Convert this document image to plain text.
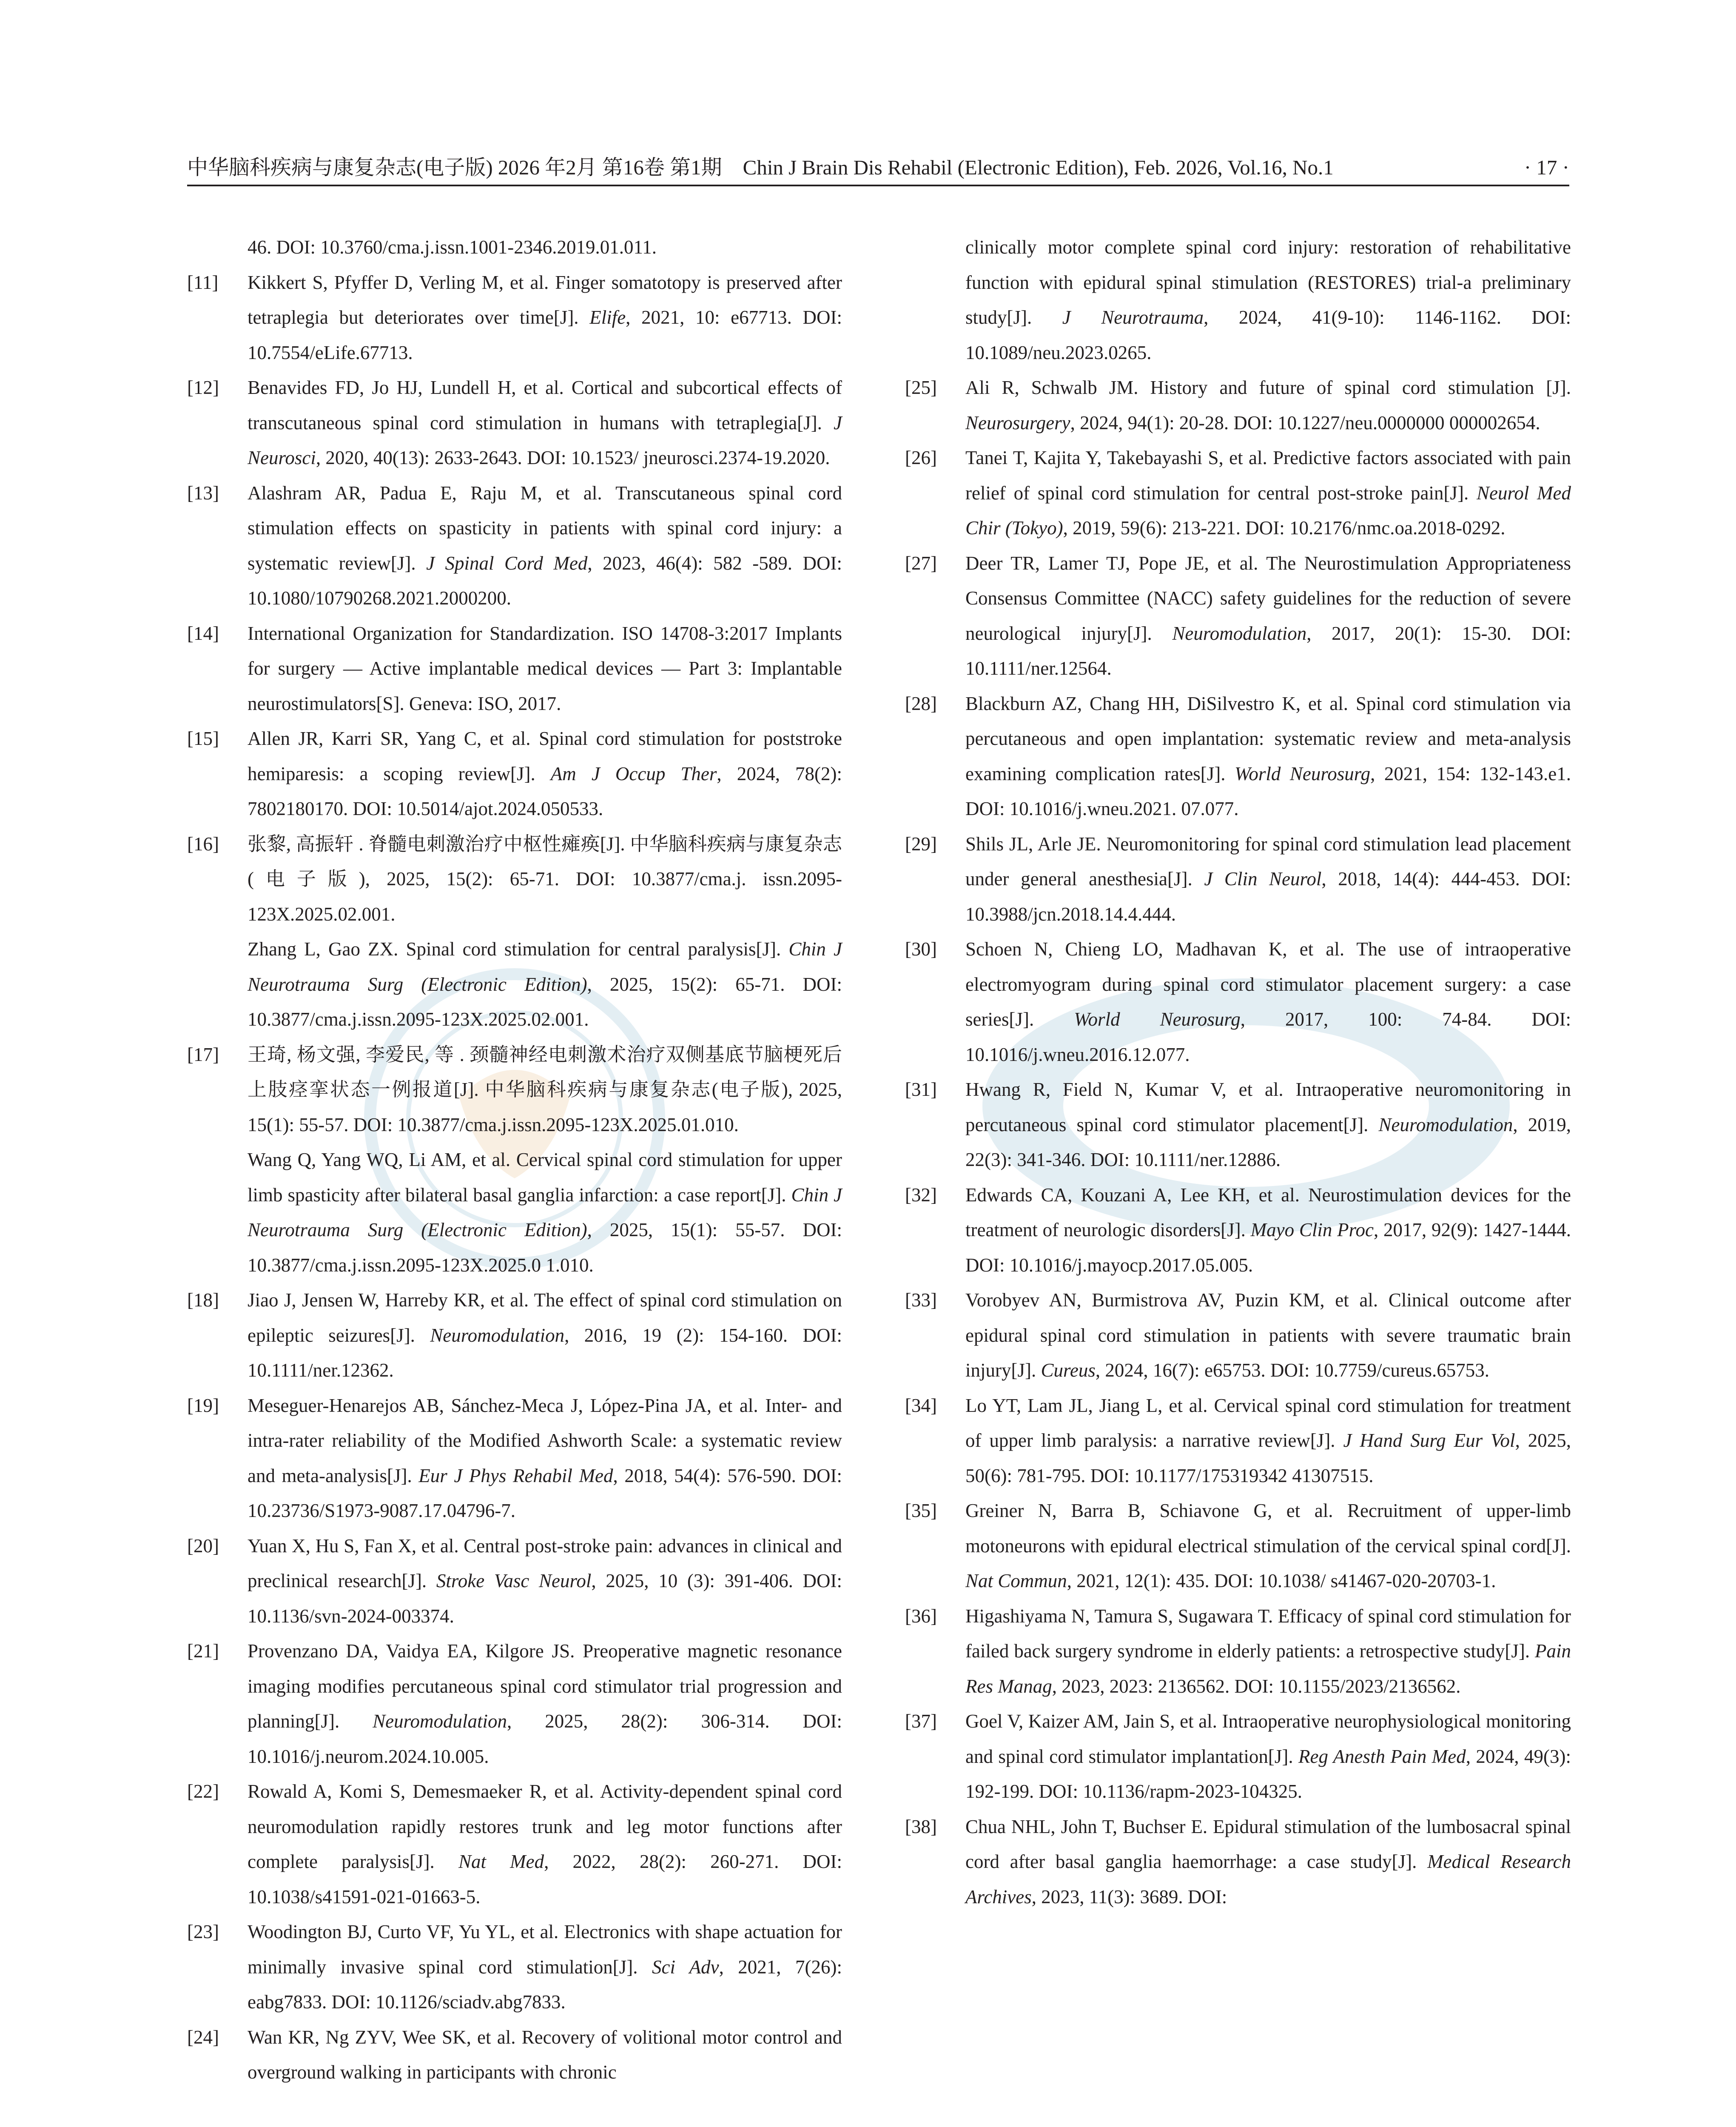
中华脑科疾病与康复杂志(电子版) 2026 年2月 第16卷 第1期　Chin J Brain Dis Rehabil (Electronic Edition), Feb. 2026, Vol.16, No.1	· 17 ·
46. DOI: 10.3760/cma.j.issn.1001-2346.2019.01.011.
[11] Kikkert S, Pfyffer D, Verling M, et al. Finger somatotopy is preserved after tetraplegia but deteriorates over time[J]. Elife, 2021, 10: e67713. DOI: 10.7554/eLife.67713.
[12] Benavides FD, Jo HJ, Lundell H, et al. Cortical and subcortical effects of transcutaneous spinal cord stimulation in humans with tetraplegia[J]. J Neurosci, 2020, 40(13): 2633-2643. DOI: 10.1523/ jneurosci.2374-19.2020.
[13] Alashram AR, Padua E, Raju M, et al. Transcutaneous spinal cord stimulation effects on spasticity in patients with spinal cord injury: a systematic review[J]. J Spinal Cord Med, 2023, 46(4): 582 -589. DOI: 10.1080/10790268.2021.2000200.
[14] International Organization for Standardization. ISO 14708-3:2017 Implants for surgery — Active implantable medical devices — Part 3: Implantable neurostimulators[S]. Geneva: ISO, 2017.
[15] Allen JR, Karri SR, Yang C, et al. Spinal cord stimulation for poststroke hemiparesis: a scoping review[J]. Am J Occup Ther, 2024, 78(2): 7802180170. DOI: 10.5014/ajot.2024.050533.
[16] 张黎, 高振轩 . 脊髓电刺激治疗中枢性瘫痪[J]. 中华脑科疾病与康复杂志(电子版), 2025, 15(2): 65-71. DOI: 10.3877/cma.j. issn.2095-123X.2025.02.001.
Zhang L, Gao ZX. Spinal cord stimulation for central paralysis[J]. Chin J Neurotrauma Surg (Electronic Edition), 2025, 15(2): 65-71. DOI: 10.3877/cma.j.issn.2095-123X.2025.02.001.
[17] 王琦, 杨文强, 李爱民, 等 . 颈髓神经电刺激术治疗双侧基底节脑梗死后上肢痉挛状态一例报道[J]. 中华脑科疾病与康复杂志(电子版), 2025, 15(1): 55-57. DOI: 10.3877/cma.j.issn.2095-123X.2025.01.010.
Wang Q, Yang WQ, Li AM, et al. Cervical spinal cord stimulation for upper limb spasticity after bilateral basal ganglia infarction: a case report[J]. Chin J Neurotrauma Surg (Electronic Edition), 2025, 15(1): 55-57. DOI: 10.3877/cma.j.issn.2095-123X.2025.0 1.010.
[18] Jiao J, Jensen W, Harreby KR, et al. The effect of spinal cord stimulation on epileptic seizures[J]. Neuromodulation, 2016, 19 (2): 154-160. DOI: 10.1111/ner.12362.
[19] Meseguer-Henarejos AB, Sánchez-Meca J, López-Pina JA, et al. Inter- and intra-rater reliability of the Modified Ashworth Scale: a systematic review and meta-analysis[J]. Eur J Phys Rehabil Med, 2018, 54(4): 576-590. DOI: 10.23736/S1973-9087.17.04796-7.
[20] Yuan X, Hu S, Fan X, et al. Central post-stroke pain: advances in clinical and preclinical research[J]. Stroke Vasc Neurol, 2025, 10 (3): 391-406. DOI: 10.1136/svn-2024-003374.
[21] Provenzano DA, Vaidya EA, Kilgore JS. Preoperative magnetic resonance imaging modifies percutaneous spinal cord stimulator trial progression and planning[J]. Neuromodulation, 2025, 28(2): 306-314. DOI: 10.1016/j.neurom.2024.10.005.
[22] Rowald A, Komi S, Demesmaeker R, et al. Activity-dependent spinal cord neuromodulation rapidly restores trunk and leg motor functions after complete paralysis[J]. Nat Med, 2022, 28(2): 260-271. DOI: 10.1038/s41591-021-01663-5.
[23] Woodington BJ, Curto VF, Yu YL, et al. Electronics with shape actuation for minimally invasive spinal cord stimulation[J]. Sci Adv, 2021, 7(26): eabg7833. DOI: 10.1126/sciadv.abg7833.
[24] Wan KR, Ng ZYV, Wee SK, et al. Recovery of volitional motor control and overground walking in participants with chronic
clinically motor complete spinal cord injury: restoration of rehabilitative function with epidural spinal stimulation (RESTORES) trial-a preliminary study[J]. J Neurotrauma, 2024, 41(9-10): 1146-1162. DOI: 10.1089/neu.2023.0265.
[25] Ali R, Schwalb JM. History and future of spinal cord stimulation [J]. Neurosurgery, 2024, 94(1): 20-28. DOI: 10.1227/neu.0000000 000002654.
[26] Tanei T, Kajita Y, Takebayashi S, et al. Predictive factors associated with pain relief of spinal cord stimulation for central post-stroke pain[J]. Neurol Med Chir (Tokyo), 2019, 59(6): 213-221. DOI: 10.2176/nmc.oa.2018-0292.
[27] Deer TR, Lamer TJ, Pope JE, et al. The Neurostimulation Appropriateness Consensus Committee (NACC) safety guidelines for the reduction of severe neurological injury[J]. Neuromodulation, 2017, 20(1): 15-30. DOI: 10.1111/ner.12564.
[28] Blackburn AZ, Chang HH, DiSilvestro K, et al. Spinal cord stimulation via percutaneous and open implantation: systematic review and meta-analysis examining complication rates[J]. World Neurosurg, 2021, 154: 132-143.e1. DOI: 10.1016/j.wneu.2021. 07.077.
[29] Shils JL, Arle JE. Neuromonitoring for spinal cord stimulation lead placement under general anesthesia[J]. J Clin Neurol, 2018, 14(4): 444-453. DOI: 10.3988/jcn.2018.14.4.444.
[30] Schoen N, Chieng LO, Madhavan K, et al. The use of intraoperative electromyogram during spinal cord stimulator placement surgery: a case series[J]. World Neurosurg, 2017, 100: 74-84. DOI: 10.1016/j.wneu.2016.12.077.
[31] Hwang R, Field N, Kumar V, et al. Intraoperative neuromonitoring in percutaneous spinal cord stimulator placement[J]. Neuromodulation, 2019, 22(3): 341-346. DOI: 10.1111/ner.12886.
[32] Edwards CA, Kouzani A, Lee KH, et al. Neurostimulation devices for the treatment of neurologic disorders[J]. Mayo Clin Proc, 2017, 92(9): 1427-1444. DOI: 10.1016/j.mayocp.2017.05.005.
[33] Vorobyev AN, Burmistrova AV, Puzin KM, et al. Clinical outcome after epidural spinal cord stimulation in patients with severe traumatic brain injury[J]. Cureus, 2024, 16(7): e65753. DOI: 10.7759/cureus.65753.
[34] Lo YT, Lam JL, Jiang L, et al. Cervical spinal cord stimulation for treatment of upper limb paralysis: a narrative review[J]. J Hand Surg Eur Vol, 2025, 50(6): 781-795. DOI: 10.1177/175319342 41307515.
[35] Greiner N, Barra B, Schiavone G, et al. Recruitment of upper-limb motoneurons with epidural electrical stimulation of the cervical spinal cord[J]. Nat Commun, 2021, 12(1): 435. DOI: 10.1038/ s41467-020-20703-1.
[36] Higashiyama N, Tamura S, Sugawara T. Efficacy of spinal cord stimulation for failed back surgery syndrome in elderly patients: a retrospective study[J]. Pain Res Manag, 2023, 2023: 2136562. DOI: 10.1155/2023/2136562.
[37] Goel V, Kaizer AM, Jain S, et al. Intraoperative neurophysiological monitoring and spinal cord stimulator implantation[J]. Reg Anesth Pain Med, 2024, 49(3): 192-199. DOI: 10.1136/rapm-2023-104325.
[38] Chua NHL, John T, Buchser E. Epidural stimulation of the lumbosacral spinal cord after basal ganglia haemorrhage: a case study[J]. Medical Research Archives, 2023, 11(3): 3689. DOI:
